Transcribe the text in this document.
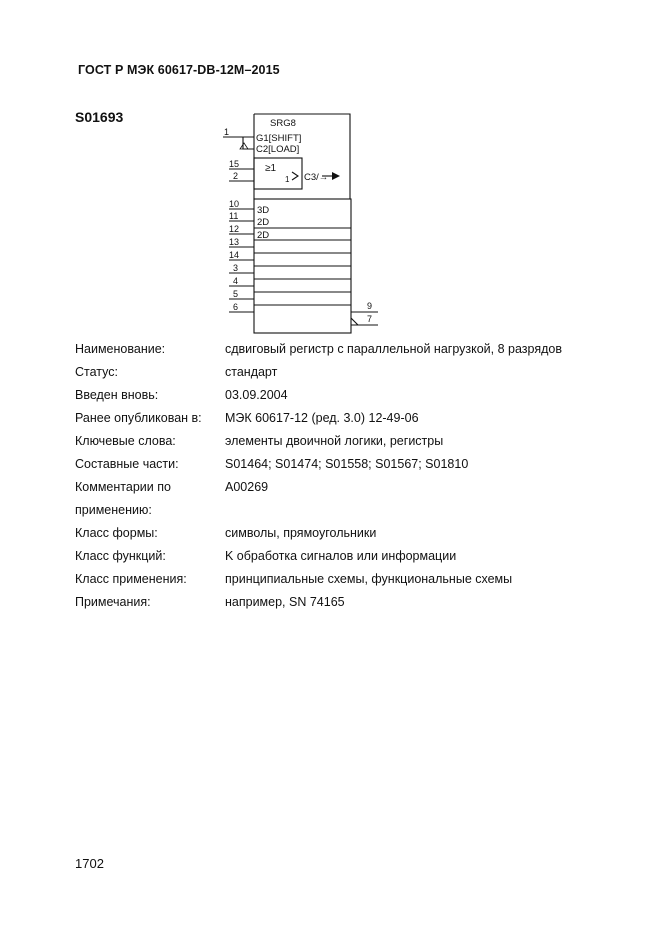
ГОСТ Р МЭК 60617-DB-12M–2015
S01693	SRG8
G1[SHIFT]
C2[LOAD]
≥1
1 C3/→
3D
2D
2D
1
15
2
10
11
12
13
14
3
4
5
6	9
7
Наименование:	сдвиговый регистр с параллельной нагрузкой, 8 разрядов
Статус:	стандарт
Введен вновь:	03.09.2004
Ранее опубликован в:	МЭК 60617-12 (ред. 3.0) 12-49-06
Ключевые слова:	элементы двоичной логики, регистры
Составные части:	S01464; S01474; S01558; S01567; S01810
Комментарии по применению:
A00269
Класс формы:	символы, прямоугольники
Класс функций:	K обработка сигналов или информации
Класс применения:	принципиальные схемы, функциональные схемы
Примечания:	например, SN 74165
1702
